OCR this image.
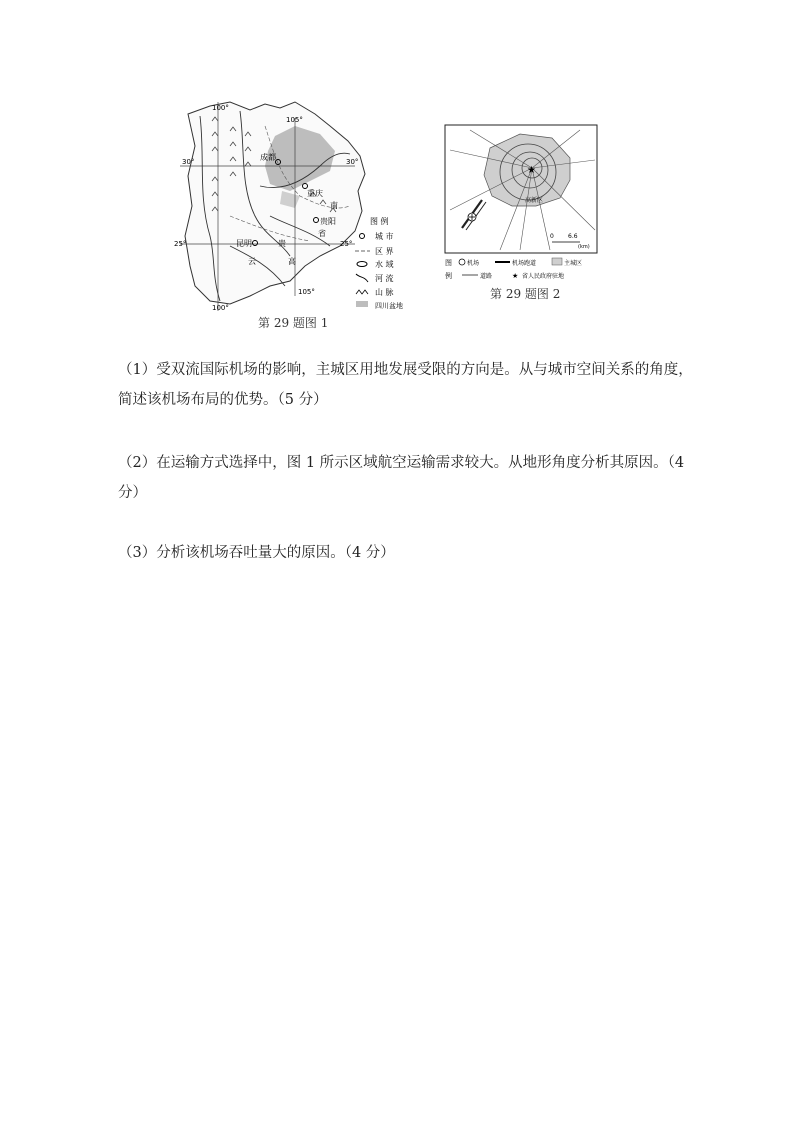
100°
105°
30°	30°
25°	25°
105°
100°
成都
重庆
贵阳
昆明
云
贵
南
省
高
图 例
城 市
区 界
水 域
河 流
山 脉
四川盆地
第 29 题图 1
★
高新区
0 6.6
(km)
图
例
机场	机场跑道	主城区
道路	★ 省人民政府驻地
第 29 题图 2
（1）受双流国际机场的影响，主城区用地发展受限的方向是。从与城市空间关系的角度，简述该机场布局的优势。（5 分）
（2）在运输方式选择中，图 1 所示区域航空运输需求较大。从地形角度分析其原因。（4 分）
（3）分析该机场吞吐量大的原因。（4 分）
